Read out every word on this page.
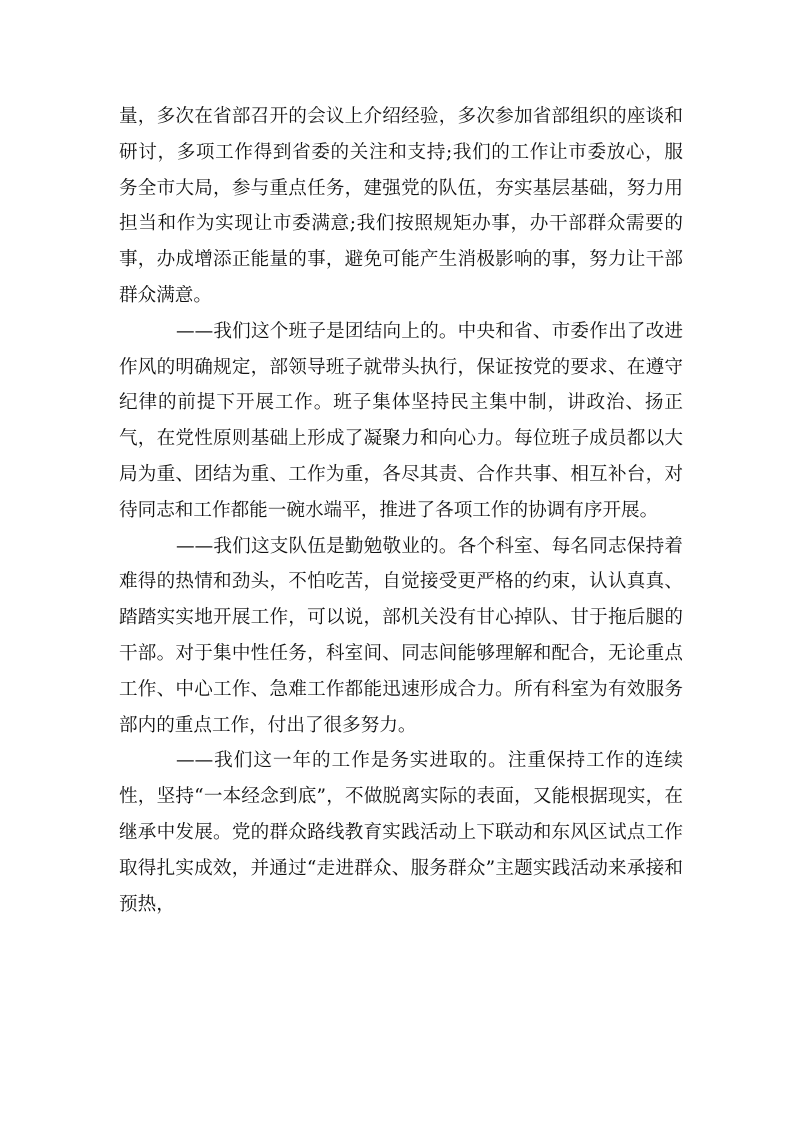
量，多次在省部召开的会议上介绍经验，多次参加省部组织的座谈和研讨，多项工作得到省委的关注和支持;我们的工作让市委放心，服务全市大局，参与重点任务，建强党的队伍，夯实基层基础，努力用担当和作为实现让市委满意;我们按照规矩办事，办干部群众需要的事，办成增添正能量的事，避免可能产生消极影响的事，努力让干部群众满意。

——我们这个班子是团结向上的。中央和省、市委作出了改进作风的明确规定，部领导班子就带头执行，保证按党的要求、在遵守纪律的前提下开展工作。班子集体坚持民主集中制，讲政治、扬正气，在党性原则基础上形成了凝聚力和向心力。每位班子成员都以大局为重、团结为重、工作为重，各尽其责、合作共事、相互补台，对待同志和工作都能一碗水端平，推进了各项工作的协调有序开展。

——我们这支队伍是勤勉敬业的。各个科室、每名同志保持着难得的热情和劲头，不怕吃苦，自觉接受更严格的约束，认认真真、踏踏实实地开展工作，可以说，部机关没有甘心掉队、甘于拖后腿的干部。对于集中性任务，科室间、同志间能够理解和配合，无论重点工作、中心工作、急难工作都能迅速形成合力。所有科室为有效服务部内的重点工作，付出了很多努力。

——我们这一年的工作是务实进取的。注重保持工作的连续性，坚持“一本经念到底”，不做脱离实际的表面，又能根据现实，在继承中发展。党的群众路线教育实践活动上下联动和东风区试点工作取得扎实成效，并通过“走进群众、服务群众”主题实践活动来承接和预热，
